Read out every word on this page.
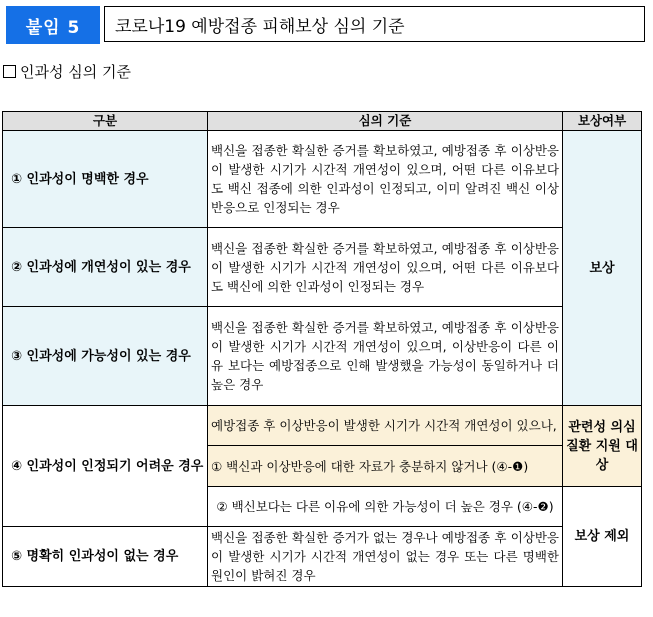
붙임 5	코로나19 예방접종 피해보상 심의 기준
인과성 심의 기준
구분	심의 기준	보상여부
① 인과성이 명백한 경우	백신을 접종한 확실한 증거를 확보하였고, 예방접종 후 이상반응이 발생한 시기가 시간적 개연성이 있으며, 어떤 다른 이유보다도 백신 접종에 의한 인과성이 인정되고, 이미 알려진 백신 이상반응으로 인정되는 경우	보상
② 인과성에 개연성이 있는 경우	백신을 접종한 확실한 증거를 확보하였고, 예방접종 후 이상반응이 발생한 시기가 시간적 개연성이 있으며, 어떤 다른 이유보다도 백신에 의한 인과성이 인정되는 경우	
③ 인과성에 가능성이 있는 경우	백신을 접종한 확실한 증거를 확보하였고, 예방접종 후 이상반응이 발생한 시기가 시간적 개연성이 있으며, 이상반응이 다른 이유 보다는 예방접종으로 인해 발생했을 가능성이 동일하거나 더 높은 경우	
④ 인과성이 인정되기 어려운 경우	예방접종 후 이상반응이 발생한 시기가 시간적 개연성이 있으나,	관련성 의심 질환 지원 대상
	① 백신과 이상반응에 대한 자료가 충분하지 않거나 (④-❶)	
	② 백신보다는 다른 이유에 의한 가능성이 더 높은 경우 (④-❷)	보상 제외
⑤ 명확히 인과성이 없는 경우	백신을 접종한 확실한 증거가 없는 경우나 예방접종 후 이상반응이 발생한 시기가 시간적 개연성이 없는 경우 또는 다른 명백한 원인이 밝혀진 경우	
